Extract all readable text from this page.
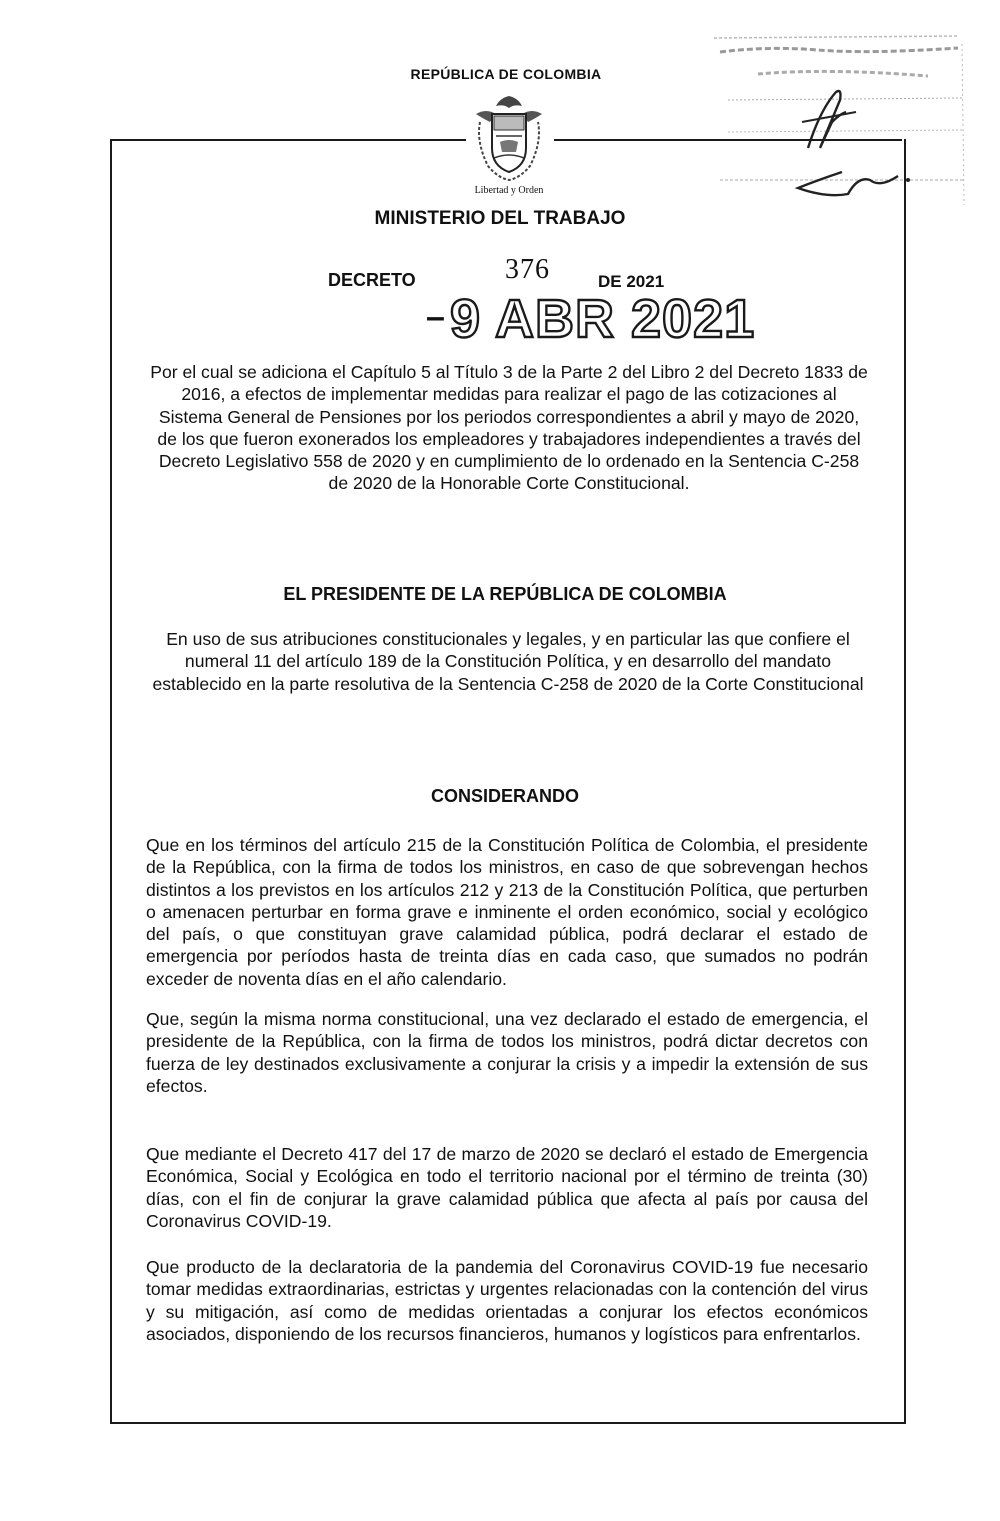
REPÚBLICA DE COLOMBIA
Libertad y Orden
MINISTERIO DEL TRABAJO
DECRETO	376	DE 2021
– 9 ABR 2021
Por el cual se adiciona el Capítulo 5 al Título 3 de la Parte 2 del Libro 2 del Decreto 1833 de 2016, a efectos de implementar medidas para realizar el pago de las cotizaciones al Sistema General de Pensiones por los periodos correspondientes a abril y mayo de 2020, de los que fueron exonerados los empleadores y trabajadores independientes a través del Decreto Legislativo 558 de 2020 y en cumplimiento de lo ordenado en la Sentencia C-258 de 2020 de la Honorable Corte Constitucional.
EL PRESIDENTE DE LA REPÚBLICA DE COLOMBIA
En uso de sus atribuciones constitucionales y legales, y en particular las que confiere el numeral 11 del artículo 189 de la Constitución Política, y en desarrollo del mandato establecido en la parte resolutiva de la Sentencia C-258 de 2020 de la Corte Constitucional
CONSIDERANDO
Que en los términos del artículo 215 de la Constitución Política de Colombia, el presidente de la República, con la firma de todos los ministros, en caso de que sobrevengan hechos distintos a los previstos en los artículos 212 y 213 de la Constitución Política, que perturben o amenacen perturbar en forma grave e inminente el orden económico, social y ecológico del país, o que constituyan grave calamidad pública, podrá declarar el estado de emergencia por períodos hasta de treinta días en cada caso, que sumados no podrán exceder de noventa días en el año calendario.
Que, según la misma norma constitucional, una vez declarado el estado de emergencia, el presidente de la República, con la firma de todos los ministros, podrá dictar decretos con fuerza de ley destinados exclusivamente a conjurar la crisis y a impedir la extensión de sus efectos.
Que mediante el Decreto 417 del 17 de marzo de 2020 se declaró el estado de Emergencia Económica, Social y Ecológica en todo el territorio nacional por el término de treinta (30) días, con el fin de conjurar la grave calamidad pública que afecta al país por causa del Coronavirus COVID-19.
Que producto de la declaratoria de la pandemia del Coronavirus COVID-19 fue necesario tomar medidas extraordinarias, estrictas y urgentes relacionadas con la contención del virus y su mitigación, así como de medidas orientadas a conjurar los efectos económicos asociados, disponiendo de los recursos financieros, humanos y logísticos para enfrentarlos.
